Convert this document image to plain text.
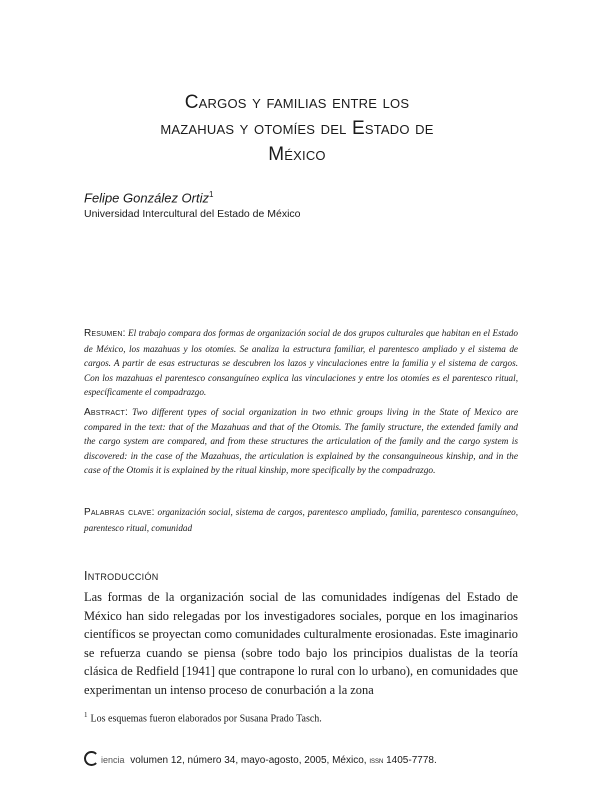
Cargos y familias entre los
mazahuas y otomíes del Estado de
México
Felipe González Ortiz$^1$
Universidad Intercultural del Estado de México
Resumen: El trabajo compara dos formas de organización social de dos grupos culturales que habitan en el Estado de México, los mazahuas y los otomíes. Se analiza la estructura familiar, el parentesco ampliado y el sistema de cargos. A partir de esas estructuras se descubren los lazos y vinculaciones entre la familia y el sistema de cargos. Con los mazahuas el parentesco consanguíneo explica las vinculaciones y entre los otomíes es el parentesco ritual, específicamente el compadrazgo.
Abstract: Two different types of social organization in two ethnic groups living in the State of Mexico are compared in the text: that of the Mazahuas and that of the Otomis. The family structure, the extended family and the cargo system are compared, and from these structures the articulation of the family and the cargo system is discovered: in the case of the Mazahuas, the articulation is explained by the consanguineous kinship, and in the case of the Otomis it is explained by the ritual kinship, more specifically by the compadrazgo.
Palabras clave: organización social, sistema de cargos, parentesco ampliado, familia, parentesco consanguíneo, parentesco ritual, comunidad
Introducción
Las formas de la organización social de las comunidades indígenas del Estado de México han sido relegadas por los investigadores sociales, porque en los imaginarios científicos se proyectan como comunidades culturalmente erosionadas. Este imaginario se refuerza cuando se piensa (sobre todo bajo los principios dualistas de la teoría clásica de Redfield [1941] que contrapone lo rural con lo urbano), en comunidades que experimentan un intenso proceso de conurbación a la zona
$^1$ Los esquemas fueron elaborados por Susana Prado Tasch.
iencia volumen 12, número 34, mayo-agosto, 2005, México, issn 1405-7778.
